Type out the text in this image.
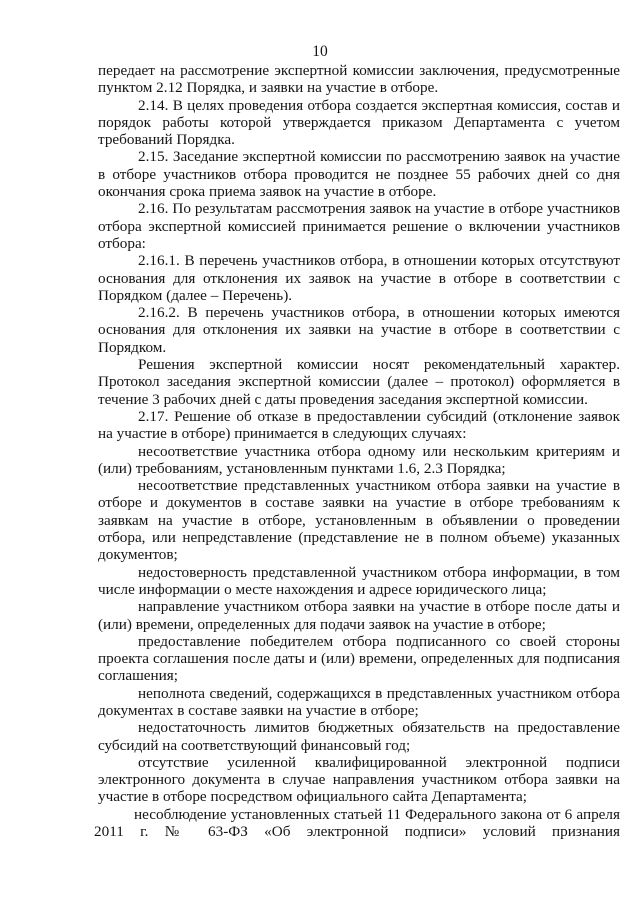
10

передает на рассмотрение экспертной комиссии заключения, предусмотренные пунктом 2.12 Порядка, и заявки на участие в отборе.

2.14. В целях проведения отбора создается экспертная комиссия, состав и порядок работы которой утверждается приказом Департамента с учетом требований Порядка.

2.15. Заседание экспертной комиссии по рассмотрению заявок на участие в отборе участников отбора проводится не позднее 55 рабочих дней со дня окончания срока приема заявок на участие в отборе.

2.16. По результатам рассмотрения заявок на участие в отборе участников отбора экспертной комиссией принимается решение о включении участников отбора:

2.16.1. В перечень участников отбора, в отношении которых отсутствуют основания для отклонения их заявок на участие в отборе в соответствии с Порядком (далее – Перечень).

2.16.2. В перечень участников отбора, в отношении которых имеются основания для отклонения их заявки на участие в отборе в соответствии с Порядком.

Решения экспертной комиссии носят рекомендательный характер. Протокол заседания экспертной комиссии (далее – протокол) оформляется в течение 3 рабочих дней с даты проведения заседания экспертной комиссии.

2.17. Решение об отказе в предоставлении субсидий (отклонение заявок на участие в отборе) принимается в следующих случаях:

несоответствие участника отбора одному или нескольким критериям и (или) требованиям, установленным пунктами 1.6, 2.3 Порядка;

несоответствие представленных участником отбора заявки на участие в отборе и документов в составе заявки на участие в отборе требованиям к заявкам на участие в отборе, установленным в объявлении о проведении отбора, или непредставление (представление не в полном объеме) указанных документов;

недостоверность представленной участником отбора информации, в том числе информации о месте нахождения и адресе юридического лица;

направление участником отбора заявки на участие в отборе после даты и (или) времени, определенных для подачи заявок на участие в отборе;

предоставление победителем отбора подписанного со своей стороны проекта соглашения после даты и (или) времени, определенных для подписания соглашения;

неполнота сведений, содержащихся в представленных участником отбора документах в составе заявки на участие в отборе;

недостаточность лимитов бюджетных обязательств на предоставление субсидий на соответствующий финансовый год;

отсутствие усиленной квалифицированной электронной подписи электронного документа в случае направления участником отбора заявки на участие в отборе посредством официального сайта Департамента;

несоблюдение установленных статьей 11 Федерального закона от 6 апреля 2011 г. № 63-ФЗ «Об электронной подписи» условий признания
